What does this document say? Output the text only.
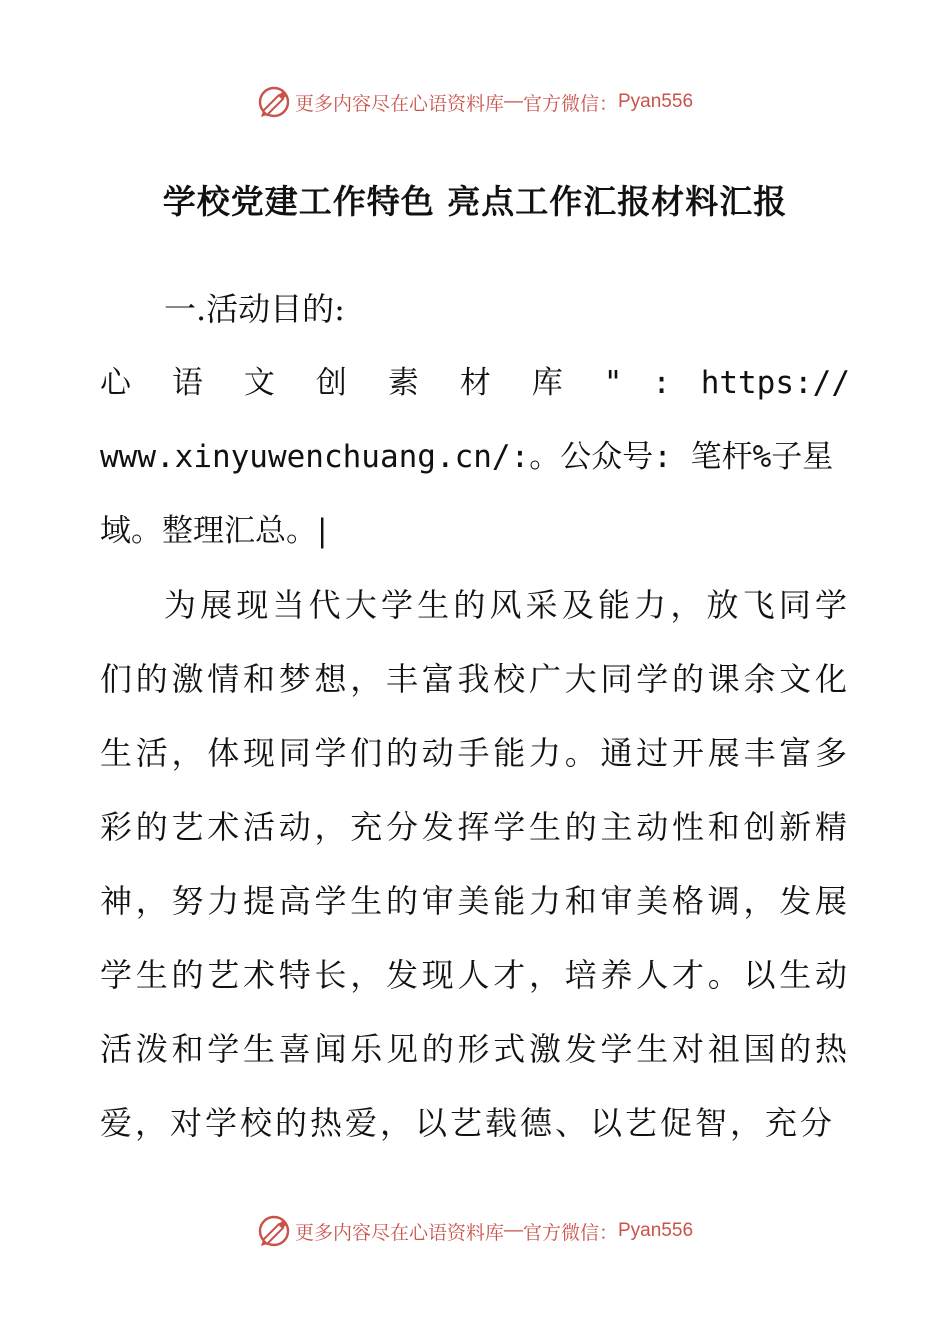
更多内容尽在心语资料库 — 官方微信： Pyan556
学校党建工作特色 亮点工作汇报材料汇报

一.活动目的:

心 语 文 创 素 材 库 " : https://

www.xinyuwenchuang.cn/:。公众号: 笔杆%子星

域。整理汇总。|

为展现当代大学生的风采及能力，放飞同学们的激情和梦想，丰富我校广大同学的课余文化生活，体现同学们的动手能力。通过开展丰富多彩的艺术活动，充分发挥学生的主动性和创新精神，努力提高学生的审美能力和审美格调，发展学生的艺术特长，发现人才，培养人才。以生动活泼和学生喜闻乐见的形式激发学生对祖国的热爱，对学校的热爱，以艺载德、以艺促智，充分

更多内容尽在心语资料库 — 官方微信： Pyan556
